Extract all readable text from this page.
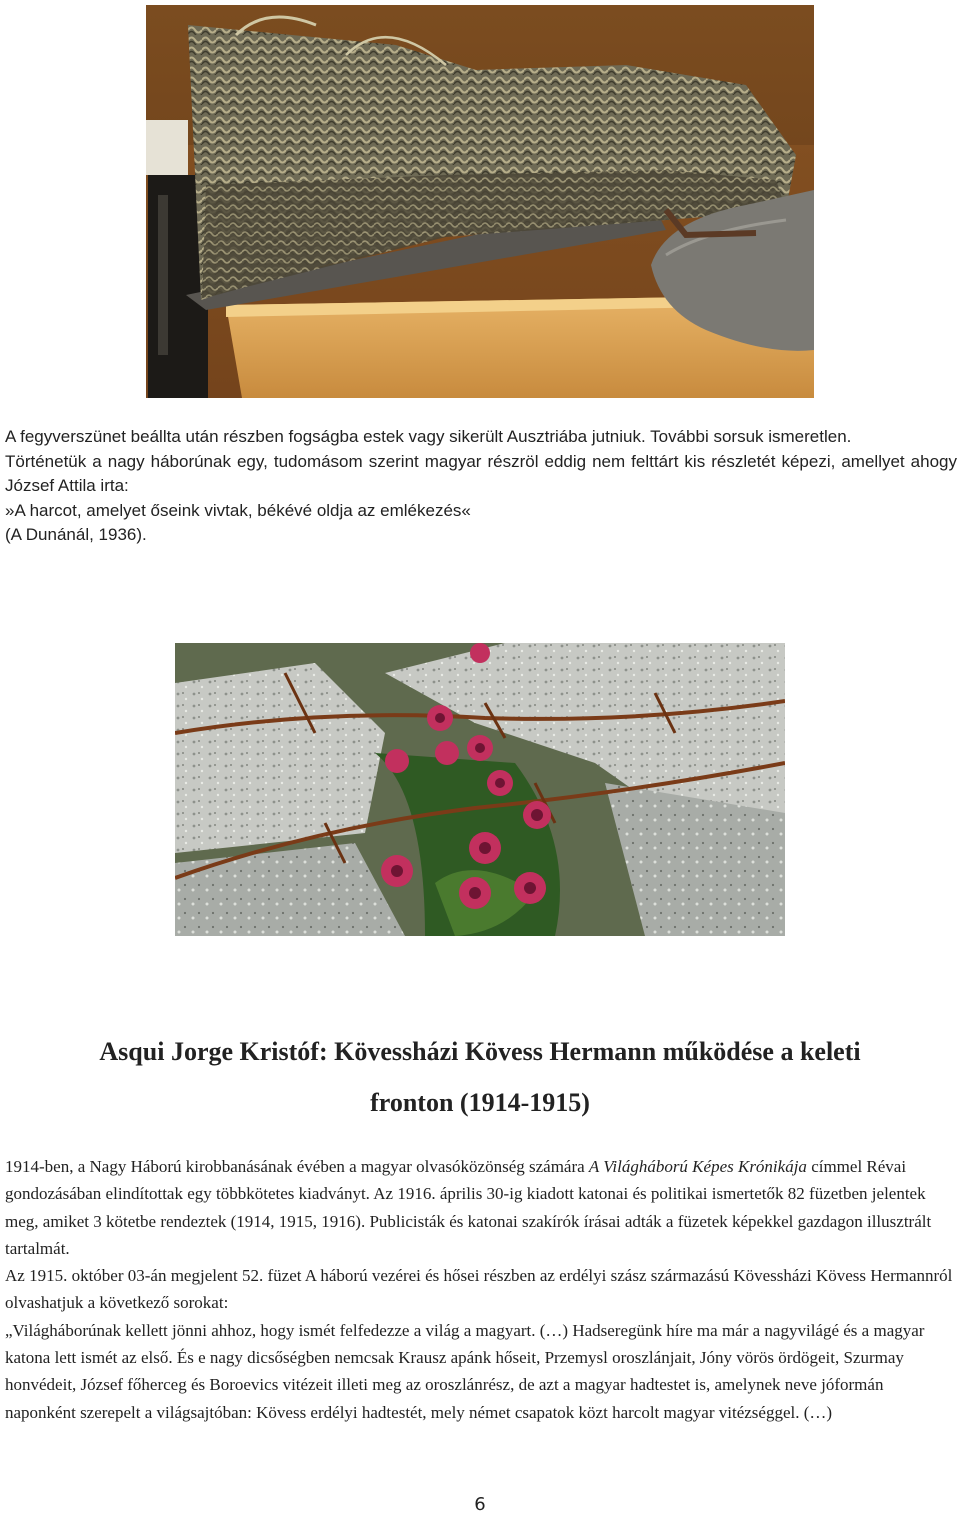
A fegyverszünet beállta után részben fogságba estek vagy sikerült Ausztriába jutniuk. További sorsuk ismeretlen.

Történetük a nagy háborúnak egy, tudomásom szerint magyar részröl eddig nem felttárt kis részletét képezi, amellyet ahogy József Attila irta:

»A harcot, amelyet őseink vivtak, békévé oldja az emlékezés«

(A Dunánál, 1936).

Asqui Jorge Kristóf: Kövessházi Kövess Hermann működése a keleti
fronton (1914-1915)

1914-ben, a Nagy Háború kirobbanásának évében a magyar olvasóközönség számára A Világháború Képes Krónikája címmel Révai gondozásában elindítottak egy többkötetes kiadványt. Az 1916. április 30-ig kiadott katonai és politikai ismertetők 82 füzetben jelentek meg, amiket 3 kötetbe rendeztek (1914, 1915, 1916). Publicisták és katonai szakírók írásai adták a füzetek képekkel gazdagon illusztrált tartalmát.

Az 1915. október 03-án megjelent 52. füzet A háború vezérei és hősei részben az erdélyi szász származású Kövessházi Kövess Hermannról olvashatjuk a következő sorokat:

„Világháborúnak kellett jönni ahhoz, hogy ismét felfedezze a világ a magyart. (…) Hadseregünk híre ma már a nagyvilágé és a magyar katona lett ismét az első. És e nagy dicsőségben nemcsak Krausz apánk hőseit, Przemysl oroszlánjait, Jóny vörös ördögeit, Szurmay honvédeit, József főherceg és Boroevics vitézeit illeti meg az oroszlánrész, de azt a magyar hadtestet is, amelynek neve jóformán naponként szerepelt a világsajtóban: Kövess erdélyi hadtestét, mely német csapatok közt harcolt magyar vitézséggel. (…)

6
